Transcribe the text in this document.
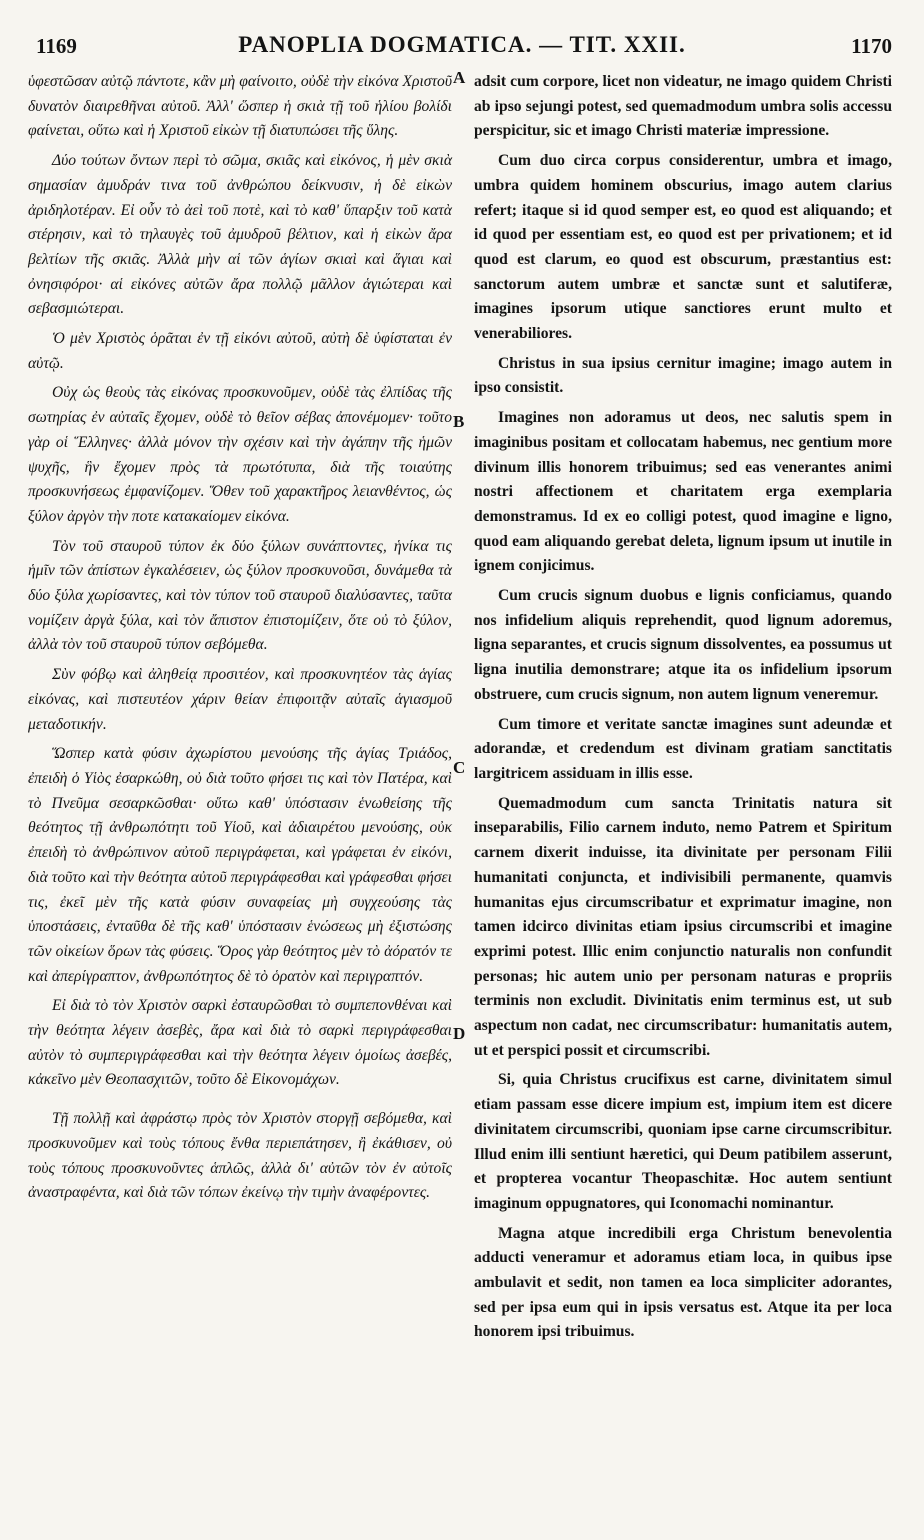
1169	PANOPLIA DOGMATICA. — TIT. XXII.	1170

ὑφεστῶσαν αὐτῷ πάντοτε, κἂν μὴ φαίνοιτο, οὐδὲ τὴν εἰκόνα Χριστοῦ δυνατὸν διαιρεθῆναι αὐτοῦ. Ἀλλ' ὥσπερ ἡ σκιὰ τῇ τοῦ ἡλίου βολίδι φαίνεται, οὕτω καὶ ἡ Χριστοῦ εἰκὼν τῇ διατυπώσει τῆς ὕλης.

Δύο τούτων ὄντων περὶ τὸ σῶμα, σκιᾶς καὶ εἰκόνος, ἡ μὲν σκιὰ σημασίαν ἀμυδράν τινα τοῦ ἀνθρώπου δείκνυσιν, ἡ δὲ εἰκὼν ἀριδηλοτέραν. Εἰ οὖν τὸ ἀεὶ τοῦ ποτὲ, καὶ τὸ καθ' ὕπαρξιν τοῦ κατὰ στέρησιν, καὶ τὸ τηλαυγὲς τοῦ ἀμυδροῦ βέλτιον, καὶ ἡ εἰκὼν ἄρα βελτίων τῆς σκιᾶς. Ἀλλὰ μὴν αἱ τῶν ἁγίων σκιαὶ καὶ ἅγιαι καὶ ὀνησιφόροι· αἱ εἰκόνες αὐτῶν ἄρα πολλῷ μᾶλλον ἁγιώτεραι καὶ σεβασμιώτεραι.

Ὁ μὲν Χριστὸς ὁρᾶται ἐν τῇ εἰκόνι αὐτοῦ, αὐτὴ δὲ ὑφίσταται ἐν αὐτῷ.

Οὐχ ὡς θεοὺς τὰς εἰκόνας προσκυνοῦμεν, οὐδὲ τὰς ἐλπίδας τῆς σωτηρίας ἐν αὐταῖς ἔχομεν, οὐδὲ τὸ θεῖον σέβας ἀπονέμομεν· τοῦτο γὰρ οἱ Ἕλληνες· ἀλλὰ μόνον τὴν σχέσιν καὶ τὴν ἀγάπην τῆς ἡμῶν ψυχῆς, ἣν ἔχομεν πρὸς τὰ πρωτότυπα, διὰ τῆς τοιαύτης προσκυνήσεως ἐμφανίζομεν. Ὅθεν τοῦ χαρακτῆρος λειανθέντος, ὡς ξύλον ἀργὸν τὴν ποτε κατακαίομεν εἰκόνα.

Τὸν τοῦ σταυροῦ τύπον ἐκ δύο ξύλων συνάπτοντες, ἡνίκα τις ἡμῖν τῶν ἀπίστων ἐγκαλέσειεν, ὡς ξύλον προσκυνοῦσι, δυνάμεθα τὰ δύο ξύλα χωρίσαντες, καὶ τὸν τύπον τοῦ σταυροῦ διαλύσαντες, ταῦτα νομίζειν ἀργὰ ξύλα, καὶ τὸν ἄπιστον ἐπιστομίζειν, ὅτε οὐ τὸ ξύλον, ἀλλὰ τὸν τοῦ σταυροῦ τύπον σεβόμεθα.

Σὺν φόβῳ καὶ ἀληθείᾳ προσιτέον, καὶ προσκυνητέον τὰς ἁγίας εἰκόνας, καὶ πιστευτέον χάριν θείαν ἐπιφοιτᾷν αὐταῖς ἁγιασμοῦ μεταδοτικήν.

Ὥσπερ κατὰ φύσιν ἀχωρίστου μενούσης τῆς ἁγίας Τριάδος, ἐπειδὴ ὁ Υἱὸς ἐσαρκώθη, οὐ διὰ τοῦτο φήσει τις καὶ τὸν Πατέρα, καὶ τὸ Πνεῦμα σεσαρκῶσθαι· οὕτω καθ' ὑπόστασιν ἑνωθείσης τῆς θεότητος τῇ ἀνθρωπότητι τοῦ Υἱοῦ, καὶ ἀδιαιρέτου μενούσης, οὐκ ἐπειδὴ τὸ ἀνθρώπινον αὐτοῦ περιγράφεται, καὶ γράφεται ἐν εἰκόνι, διὰ τοῦτο καὶ τὴν θεότητα αὐτοῦ περιγράφεσθαι καὶ γράφεσθαι φήσει τις, ἐκεῖ μὲν τῆς κατὰ φύσιν συναφείας μὴ συγχεούσης τὰς ὑποστάσεις, ἐνταῦθα δὲ τῆς καθ' ὑπόστασιν ἑνώσεως μὴ ἐξιστώσης τῶν οἰκείων ὅρων τὰς φύσεις. Ὅρος γὰρ θεότητος μὲν τὸ ἀόρατόν τε καὶ ἀπερίγραπτον, ἀνθρωπότητος δὲ τὸ ὁρατὸν καὶ περιγραπτόν.

Εἰ διὰ τὸ τὸν Χριστὸν σαρκὶ ἐσταυρῶσθαι τὸ συμπεπονθέναι καὶ τὴν θεότητα λέγειν ἀσεβὲς, ἄρα καὶ διὰ τὸ σαρκὶ περιγράφεσθαι αὐτὸν τὸ συμπεριγράφεσθαι καὶ τὴν θεότητα λέγειν ὁμοίως ἀσεβές, κἀκεῖνο μὲν Θεοπασχιτῶν, τοῦτο δὲ Εἰκονομάχων.

Τῇ πολλῇ καὶ ἀφράστῳ πρὸς τὸν Χριστὸν στοργῇ σεβόμεθα, καὶ προσκυνοῦμεν καὶ τοὺς τόπους ἔνθα περιεπάτησεν, ἢ ἐκάθισεν, οὐ τοὺς τόπους προσκυνοῦντες ἁπλῶς, ἀλλὰ δι' αὐτῶν τὸν ἐν αὐτοῖς ἀναστραφέντα, καὶ διὰ τῶν τόπων ἐκείνῳ τὴν τιμὴν ἀναφέροντες.

A
B
C
D

adsit cum corpore, licet non videatur, ne imago quidem Christi ab ipso sejungi potest, sed quemadmodum umbra solis accessu perspicitur, sic et imago Christi materiæ impressione.

Cum duo circa corpus considerentur, umbra et imago, umbra quidem hominem obscurius, imago autem clarius refert; itaque si id quod semper est, eo quod est aliquando; et id quod per essentiam est, eo quod est per privationem; et id quod est clarum, eo quod est obscurum, præstantius est: sanctorum autem umbræ et sanctæ sunt et salutiferæ, imagines ipsorum utique sanctiores erunt multo et venerabiliores.

Christus in sua ipsius cernitur imagine; imago autem in ipso consistit.

Imagines non adoramus ut deos, nec salutis spem in imaginibus positam et collocatam habemus, nec gentium more divinum illis honorem tribuimus; sed eas venerantes animi nostri affectionem et charitatem erga exemplaria demonstramus. Id ex eo colligi potest, quod imagine e ligno, quod eam aliquando gerebat deleta, lignum ipsum ut inutile in ignem conjicimus.

Cum crucis signum duobus e lignis conficiamus, quando nos infidelium aliquis reprehendit, quod lignum adoremus, ligna separantes, et crucis signum dissolventes, ea possumus ut ligna inutilia demonstrare; atque ita os infidelium ipsorum obstruere, cum crucis signum, non autem lignum veneremur.

Cum timore et veritate sanctæ imagines sunt adeundæ et adorandæ, et credendum est divinam gratiam sanctitatis largitricem assiduam in illis esse.

Quemadmodum cum sancta Trinitatis natura sit inseparabilis, Filio carnem induto, nemo Patrem et Spiritum carnem dixerit induisse, ita divinitate per personam Filii humanitati conjuncta, et indivisibili permanente, quamvis humanitas ejus circumscribatur et exprimatur imagine, non tamen idcirco divinitas etiam ipsius circumscribi et imagine exprimi potest. Illic enim conjunctio naturalis non confundit personas; hic autem unio per personam naturas e propriis terminis non excludit. Divinitatis enim terminus est, ut sub aspectum non cadat, nec circumscribatur: humanitatis autem, ut et perspici possit et circumscribi.

Si, quia Christus crucifixus est carne, divinitatem simul etiam passam esse dicere impium est, impium item est dicere divinitatem circumscribi, quoniam ipse carne circumscribitur. Illud enim illi sentiunt hæretici, qui Deum patibilem asserunt, et propterea vocantur Theopaschitæ. Hoc autem sentiunt imaginum oppugnatores, qui Iconomachi nominantur.

Magna atque incredibili erga Christum benevolentia adducti veneramur et adoramus etiam loca, in quibus ipse ambulavit et sedit, non tamen ea loca simpliciter adorantes, sed per ipsa eum qui in ipsis versatus est. Atque ita per loca honorem ipsi tribuimus.
